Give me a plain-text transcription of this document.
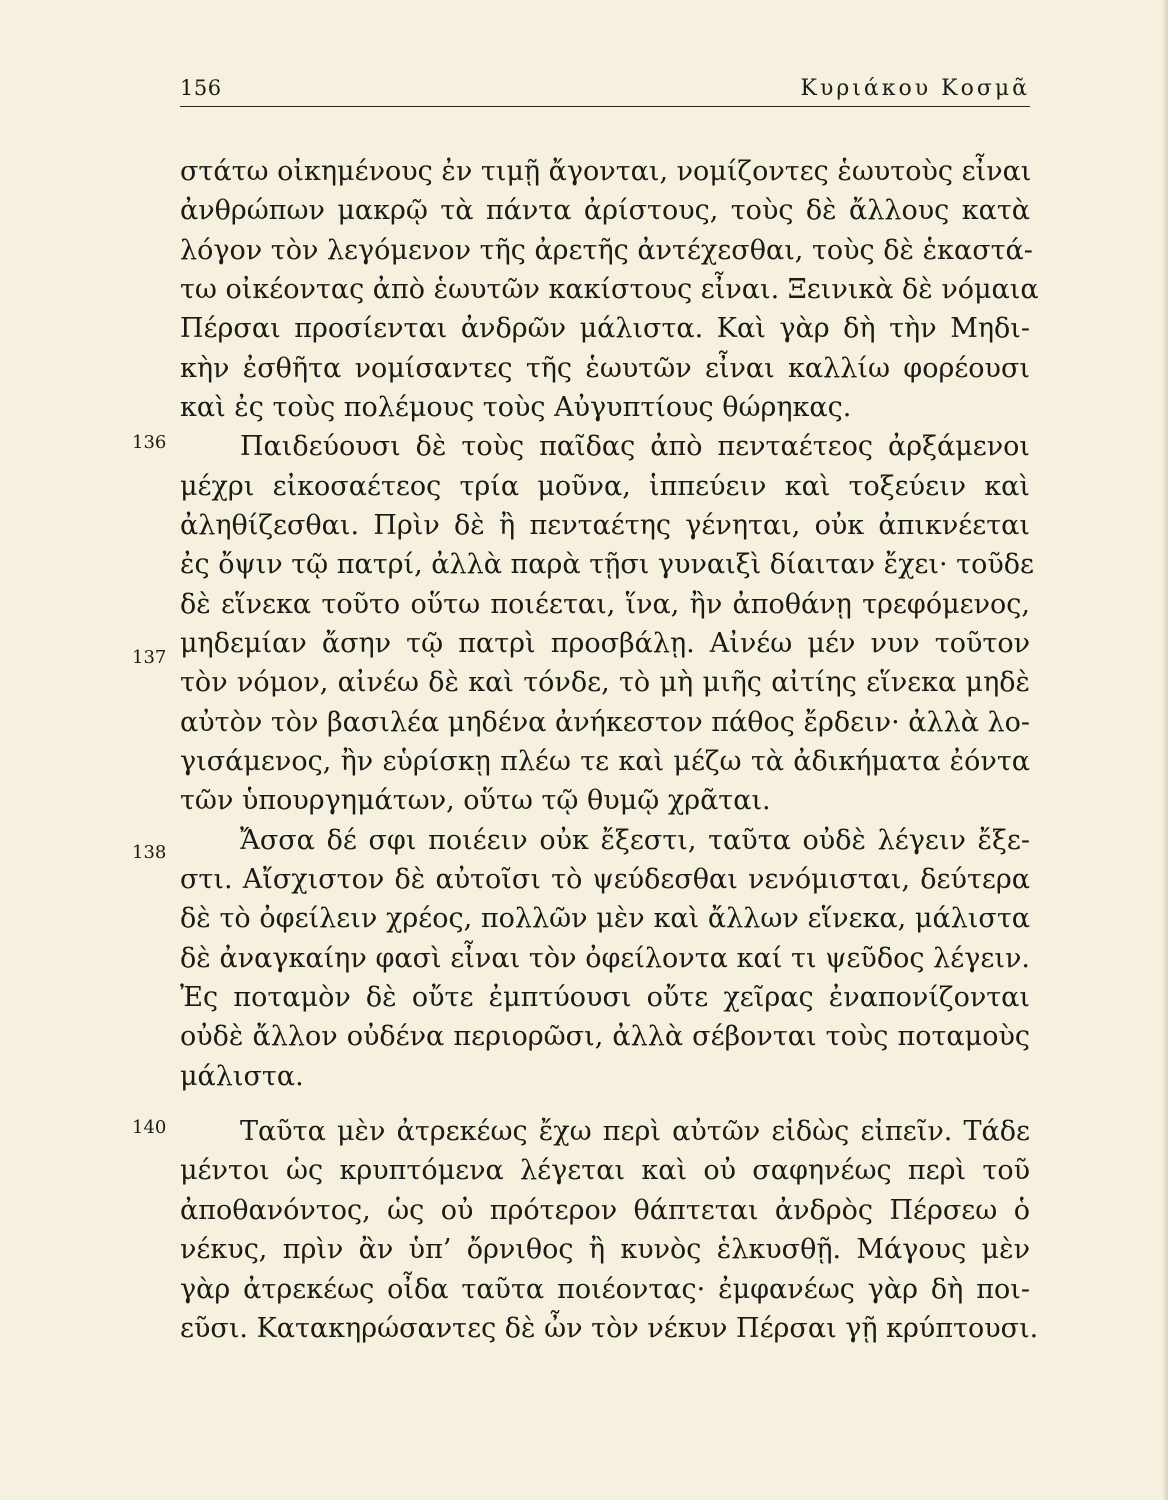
156	Κυριάκου Κοσμᾶ
136
137
138
140
στάτω οἰκημένους ἐν τιμῇ ἄγονται, νομίζοντες ἑωυτοὺς εἶναι
ἀνθρώπων μακρῷ τὰ πάντα ἀρίστους, τοὺς δὲ ἄλλους κατὰ
λόγον τὸν λεγόμενον τῆς ἀρετῆς ἀντέχεσθαι, τοὺς δὲ ἑκαστά-
τω οἰκέοντας ἀπὸ ἑωυτῶν κακίστους εἶναι. Ξεινικὰ δὲ νόμαια
Πέρσαι προσίενται ἀνδρῶν μάλιστα. Καὶ γὰρ δὴ τὴν Μηδι-
κὴν ἐσθῆτα νομίσαντες τῆς ἑωυτῶν εἶναι καλλίω φορέουσι
καὶ ἐς τοὺς πολέμους τοὺς Αὐγυπτίους θώρηκας.
Παιδεύουσι δὲ τοὺς παῖδας ἀπὸ πενταέτεος ἀρξάμενοι
μέχρι εἰκοσαέτεος τρία μοῦνα, ἱππεύειν καὶ τοξεύειν καὶ
ἀληθίζεσθαι. Πρὶν δὲ ἢ πενταέτης γένηται, οὐκ ἀπικνέεται
ἐς ὄψιν τῷ πατρί, ἀλλὰ παρὰ τῇσι γυναιξὶ δίαιταν ἔχει· τοῦδε
δὲ εἵνεκα τοῦτο οὕτω ποιέεται, ἵνα, ἢν ἀποθάνῃ τρεφόμενος,
μηδεμίαν ἄσην τῷ πατρὶ προσβάλῃ. Αἰνέω μέν νυν τοῦτον
τὸν νόμον, αἰνέω δὲ καὶ τόνδε, τὸ μὴ μιῆς αἰτίης εἵνεκα μηδὲ
αὐτὸν τὸν βασιλέα μηδένα ἀνήκεστον πάθος ἔρδειν· ἀλλὰ λο-
γισάμενος, ἢν εὑρίσκῃ πλέω τε καὶ μέζω τὰ ἀδικήματα ἐόντα
τῶν ὑπουργημάτων, οὕτω τῷ θυμῷ χρᾶται.
Ἄσσα δέ σφι ποιέειν οὐκ ἔξεστι, ταῦτα οὐδὲ λέγειν ἔξε-
στι. Αἴσχιστον δὲ αὐτοῖσι τὸ ψεύδεσθαι νενόμισται, δεύτερα
δὲ τὸ ὀφείλειν χρέος, πολλῶν μὲν καὶ ἄλλων εἵνεκα, μάλιστα
δὲ ἀναγκαίην φασὶ εἶναι τὸν ὀφείλοντα καί τι ψεῦδος λέγειν.
Ἐς ποταμὸν δὲ οὔτε ἐμπτύουσι οὔτε χεῖρας ἐναπονίζονται
οὐδὲ ἄλλον οὐδένα περιορῶσι, ἀλλὰ σέβονται τοὺς ποταμοὺς
μάλιστα.
Ταῦτα μὲν ἀτρεκέως ἔχω περὶ αὐτῶν εἰδὼς εἰπεῖν. Τάδε
μέντοι ὡς κρυπτόμενα λέγεται καὶ οὐ σαφηνέως περὶ τοῦ
ἀποθανόντος, ὡς οὐ πρότερον θάπτεται ἀνδρὸς Πέρσεω ὁ
νέκυς, πρὶν ἂν ὑπ’ ὄρνιθος ἢ κυνὸς ἑλκυσθῇ. Μάγους μὲν
γὰρ ἀτρεκέως οἶδα ταῦτα ποιέοντας· ἐμφανέως γὰρ δὴ ποι-
εῦσι. Κατακηρώσαντες δὲ ὦν τὸν νέκυν Πέρσαι γῇ κρύπτουσι.
